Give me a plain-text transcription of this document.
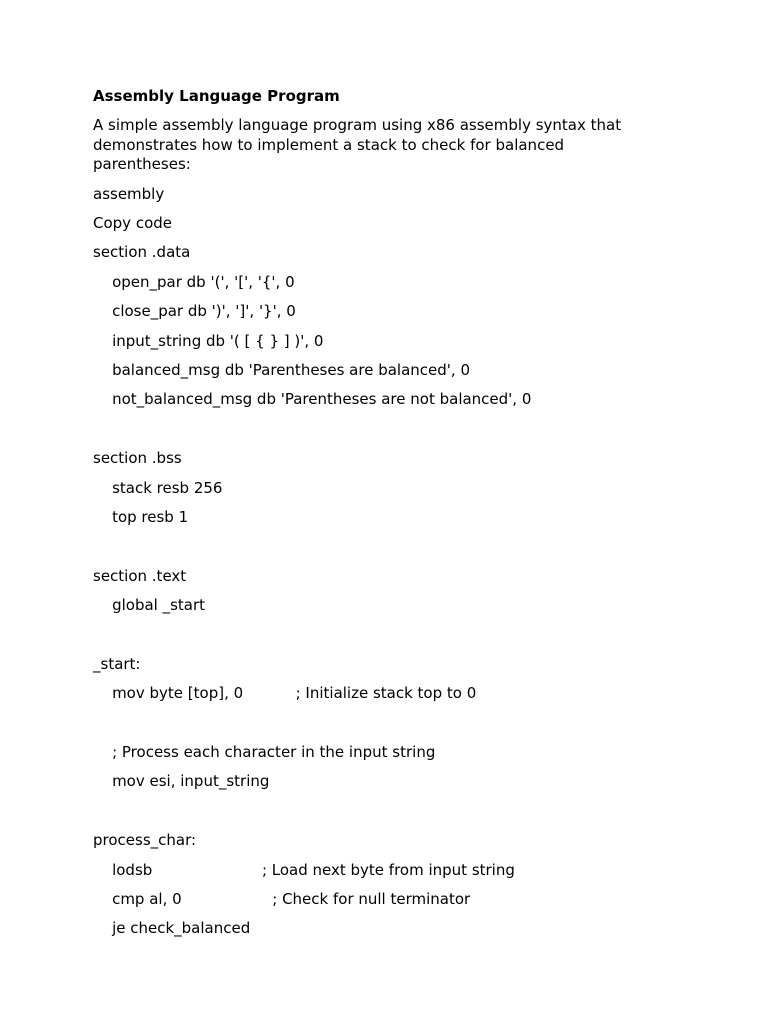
Assembly Language Program
A simple assembly language program using x86 assembly syntax that demonstrates how to implement a stack to check for balanced parentheses:
assembly
Copy code
section .data
open_par db '(', '[', '{', 0
close_par db ')', ']', '}', 0
input_string db '( [ { } ] )', 0
balanced_msg db 'Parentheses are balanced', 0
not_balanced_msg db 'Parentheses are not balanced', 0
section .bss
stack resb 256
top resb 1
section .text
global _start
_start:
mov byte [top], 0           ; Initialize stack top to 0
; Process each character in the input string
mov esi, input_string
process_char:
lodsb                       ; Load next byte from input string
cmp al, 0                   ; Check for null terminator
je check_balanced
